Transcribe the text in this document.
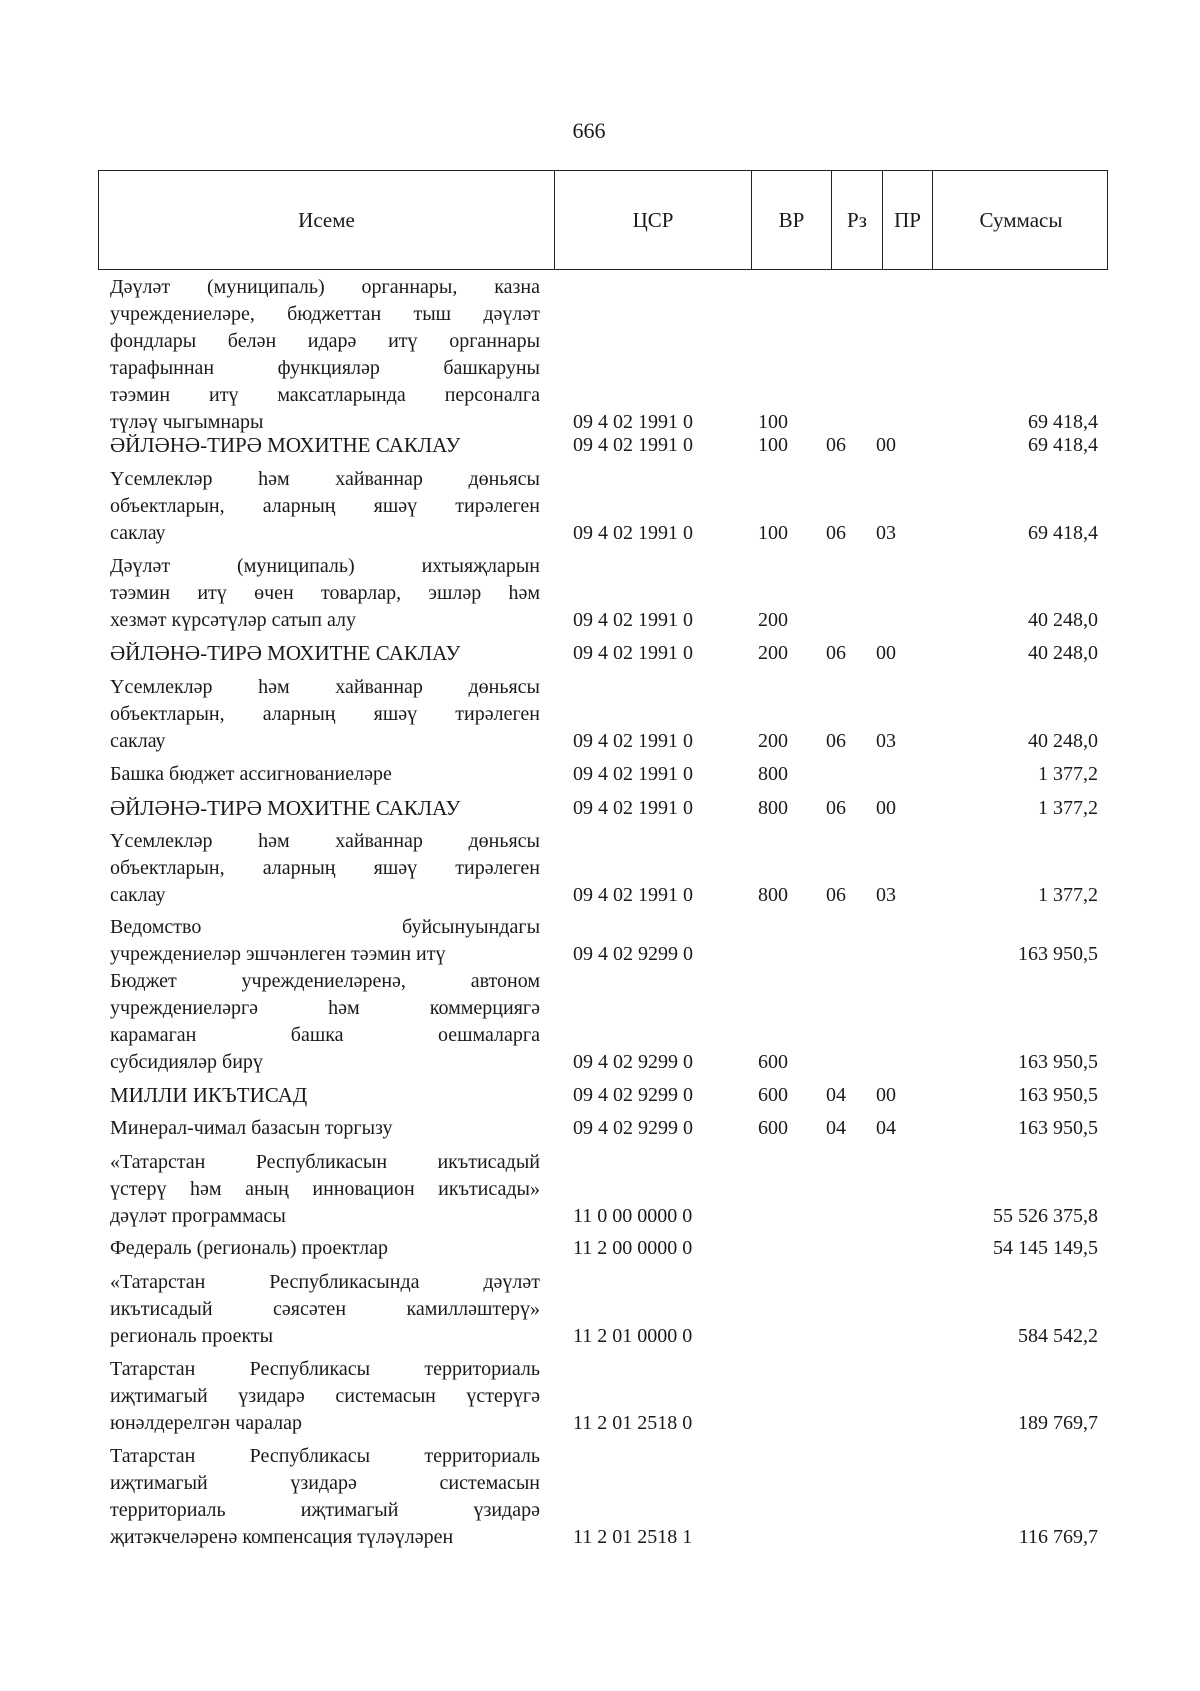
666
Исеме	ЦСР	ВР	Рз	ПР	Суммасы
Дәүләт (муниципаль) органнары, казна
учреждениеләре, бюджеттан тыш дәүләт
фондлары белән идарә итү органнары
тарафыннан функцияләр башкаруны
тәэмин итү максатларында персоналга
түләү чыгымнары	09 4 02 1991 0	100	69 418,4
ӘЙЛӘНӘ-ТИРӘ МОХИТНЕ САКЛАУ	09 4 02 1991 0	100 06 00	69 418,4
Үсемлекләр һәм хайваннар дөньясы
объектларын, аларның яшәү тирәлеген
саклау	09 4 02 1991 0	100 06 03	69 418,4
Дәүләт (муниципаль) ихтыяҗларын
тәэмин итү өчен товарлар, эшләр һәм
хезмәт күрсәтүләр сатып алу	09 4 02 1991 0	200	40 248,0
ӘЙЛӘНӘ-ТИРӘ МОХИТНЕ САКЛАУ	09 4 02 1991 0	200 06 00	40 248,0
Үсемлекләр һәм хайваннар дөньясы
объектларын, аларның яшәү тирәлеген
саклау	09 4 02 1991 0	200 06 03	40 248,0
Башка бюджет ассигнованиеләре	09 4 02 1991 0	800	1 377,2
ӘЙЛӘНӘ-ТИРӘ МОХИТНЕ САКЛАУ	09 4 02 1991 0	800 06 00	1 377,2
Үсемлекләр һәм хайваннар дөньясы
объектларын, аларның яшәү тирәлеген
саклау	09 4 02 1991 0	800 06 03	1 377,2
Ведомство буйсынуындагы
учреждениеләр эшчәнлеген тәэмин итү	09 4 02 9299 0	163 950,5
Бюджет учреждениеләренә, автоном
учреждениеләргә һәм коммерциягә
карамаган башка оешмаларга
субсидияләр бирү	09 4 02 9299 0	600	163 950,5
МИЛЛИ ИКЪТИСАД	09 4 02 9299 0	600 04 00	163 950,5
Минерал-чимал базасын торгызу	09 4 02 9299 0	600 04 04	163 950,5
«Татарстан Республикасын икътисадый
үстерү һәм аның инновацион икътисады»
дәүләт программасы	11 0 00 0000 0	55 526 375,8
Федераль (региональ) проектлар	11 2 00 0000 0	54 145 149,5
«Татарстан Республикасында дәүләт
икътисадый сәясәтен камилләштерү»
региональ проекты	11 2 01 0000 0	584 542,2
Татарстан Республикасы территориаль
иҗтимагый үзидарә системасын үстерүгә
юнәлдерелгән чаралар	11 2 01 2518 0	189 769,7
Татарстан Республикасы территориаль
иҗтимагый үзидарә системасын
территориаль иҗтимагый үзидарә
җитәкчеләренә компенсация түләүләрен	11 2 01 2518 1	116 769,7
